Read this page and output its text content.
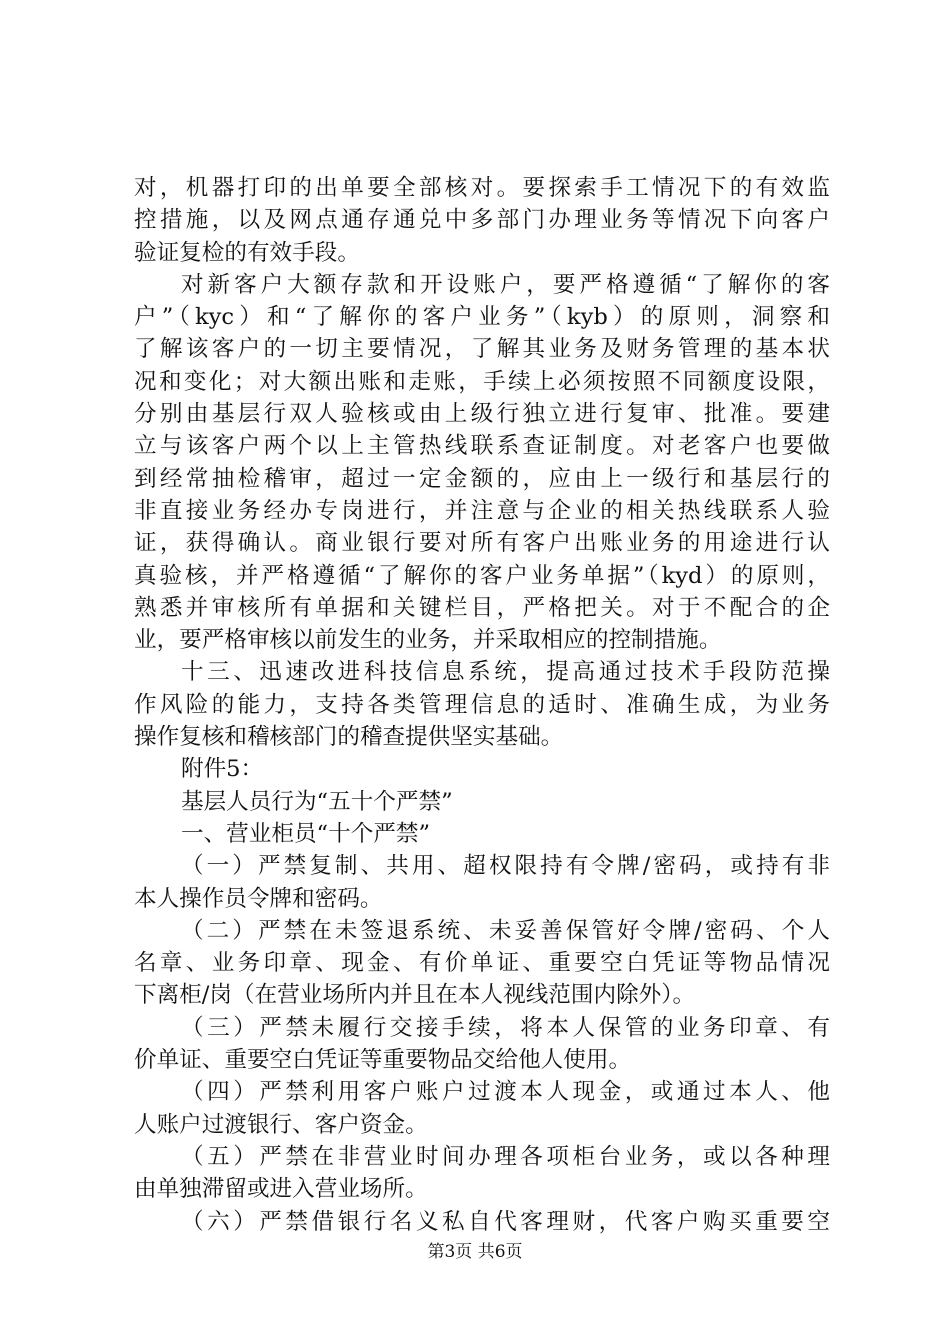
对，机器打印的出单要全部核对。要探索手工情况下的有效监
控措施，以及网点通存通兑中多部门办理业务等情况下向客户
验证复检的有效手段。
对新客户大额存款和开设账户，要严格遵循“了解你的客
户”（kyc）和“了解你的客户业务”（kyb）的原则，洞察和
了解该客户的一切主要情况，了解其业务及财务管理的基本状
况和变化；对大额出账和走账，手续上必须按照不同额度设限，
分别由基层行双人验核或由上级行独立进行复审、批准。要建
立与该客户两个以上主管热线联系查证制度。对老客户也要做
到经常抽检稽审，超过一定金额的，应由上一级行和基层行的
非直接业务经办专岗进行，并注意与企业的相关热线联系人验
证，获得确认。商业银行要对所有客户出账业务的用途进行认
真验核，并严格遵循“了解你的客户业务单据”（kyd）的原则，
熟悉并审核所有单据和关键栏目，严格把关。对于不配合的企
业，要严格审核以前发生的业务，并采取相应的控制措施。
十三、迅速改进科技信息系统，提高通过技术手段防范操
作风险的能力，支持各类管理信息的适时、准确生成，为业务
操作复核和稽核部门的稽查提供坚实基础。
附件5：
基层人员行为“五十个严禁”
一、营业柜员“十个严禁”
（一）严禁复制、共用、超权限持有令牌/密码，或持有非
本人操作员令牌和密码。
（二）严禁在未签退系统、未妥善保管好令牌/密码、个人
名章、业务印章、现金、有价单证、重要空白凭证等物品情况
下离柜/岗（在营业场所内并且在本人视线范围内除外）。
（三）严禁未履行交接手续，将本人保管的业务印章、有
价单证、重要空白凭证等重要物品交给他人使用。
（四）严禁利用客户账户过渡本人现金，或通过本人、他
人账户过渡银行、客户资金。
（五）严禁在非营业时间办理各项柜台业务，或以各种理
由单独滞留或进入营业场所。
（六）严禁借银行名义私自代客理财，代客户购买重要空
第3页 共6页
